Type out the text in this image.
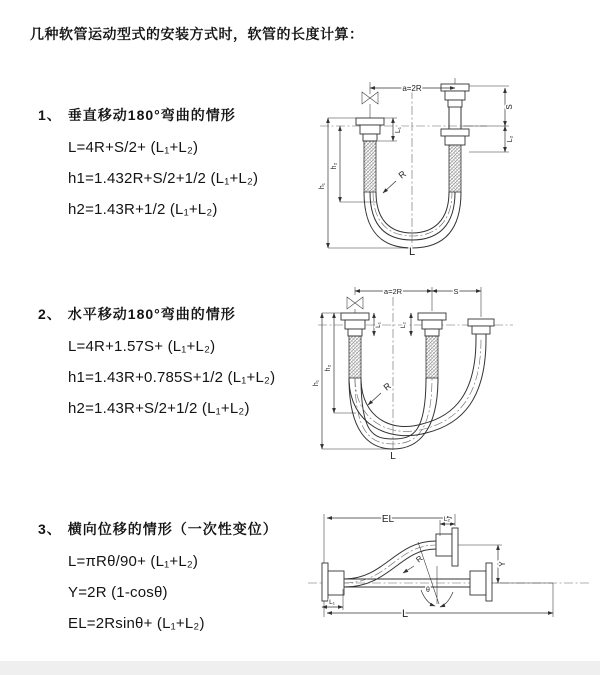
几种软管运动型式的安装方式时，软管的长度计算：
1、 垂直移动180°弯曲的情形
L=4R+S/2+ (L₁+L₂)
h1=1.432R+S/2+1/2 (L₁+L₂)
h2=1.43R+1/2 (L₁+L₂)
2、 水平移动180°弯曲的情形
L=4R+1.57S+ (L₁+L₂)
h1=1.43R+0.785S+1/2 (L₁+L₂)
h2=1.43R+S/2+1/2 (L₁+L₂)
3、 横向位移的情形（一次性变位）
L=πRθ/90+ (L₁+L₂)
Y=2R (1-cosθ)
EL=2Rsinθ+ (L₁+L₂)
a=2R
S
L₂
h₁
h₂
L₁
R
L
a=2R	S
h₁
h₂
L₁	L₂
R
L
EL	L₂
L
L₁
Y
R
θ
